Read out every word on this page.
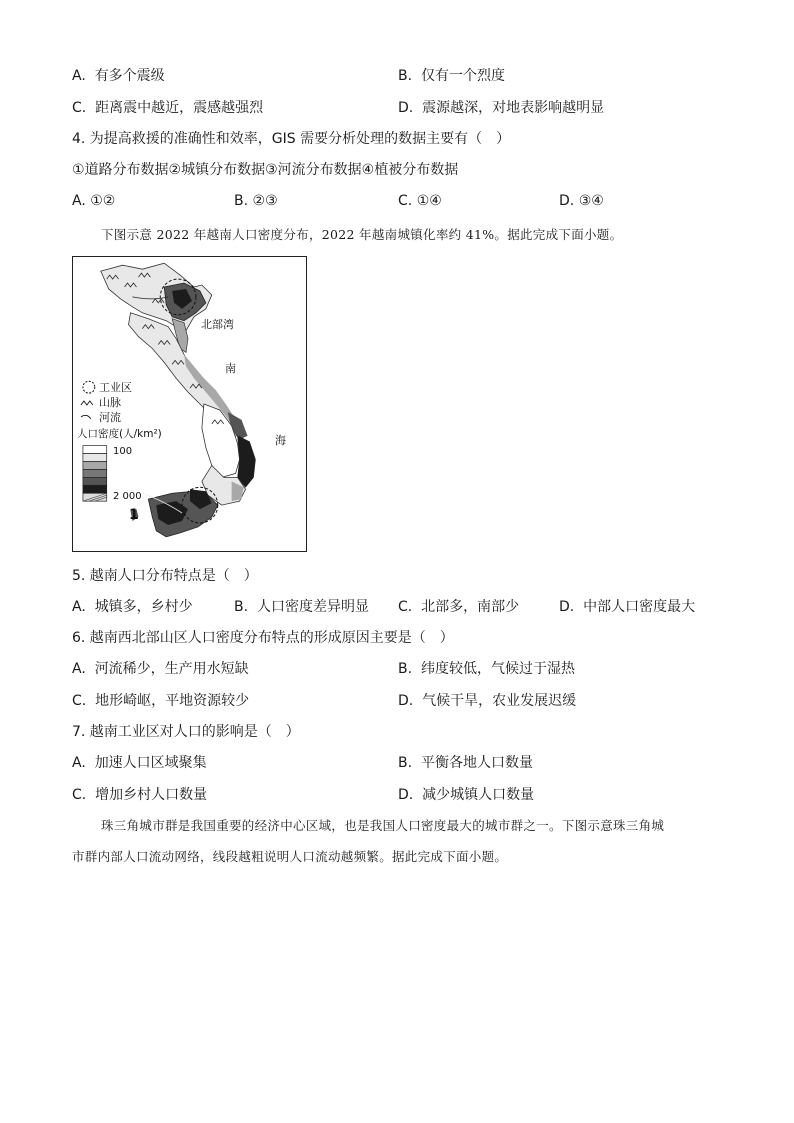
A. 有多个震级	B. 仅有一个烈度
C. 距离震中越近，震感越强烈	D. 震源越深，对地表影响越明显
4. 为提高救援的准确性和效率，GIS 需要分析处理的数据主要有（　）
①道路分布数据②城镇分布数据③河流分布数据④植被分布数据
A. ①②	B. ②③	C. ①④	D. ③④
下图示意 2022 年越南人口密度分布，2022 年越南城镇化率约 41%。据此完成下面小题。
北部湾
南
海
工业区
山脉
河流
人口密度(人/km²)
100
2 000
1
5. 越南人口分布特点是（　）
A. 城镇多，乡村少	B. 人口密度差异明显 C. 北部多，南部少	D. 中部人口密度最大
6. 越南西北部山区人口密度分布特点的形成原因主要是（　）
A. 河流稀少，生产用水短缺	B. 纬度较低，气候过于湿热
C. 地形崎岖，平地资源较少	D. 气候干旱，农业发展迟缓
7. 越南工业区对人口的影响是（　）
A. 加速人口区域聚集	B. 平衡各地人口数量
C. 增加乡村人口数量	D. 减少城镇人口数量
珠三角城市群是我国重要的经济中心区域，也是我国人口密度最大的城市群之一。下图示意珠三角城
市群内部人口流动网络，线段越粗说明人口流动越频繁。据此完成下面小题。
